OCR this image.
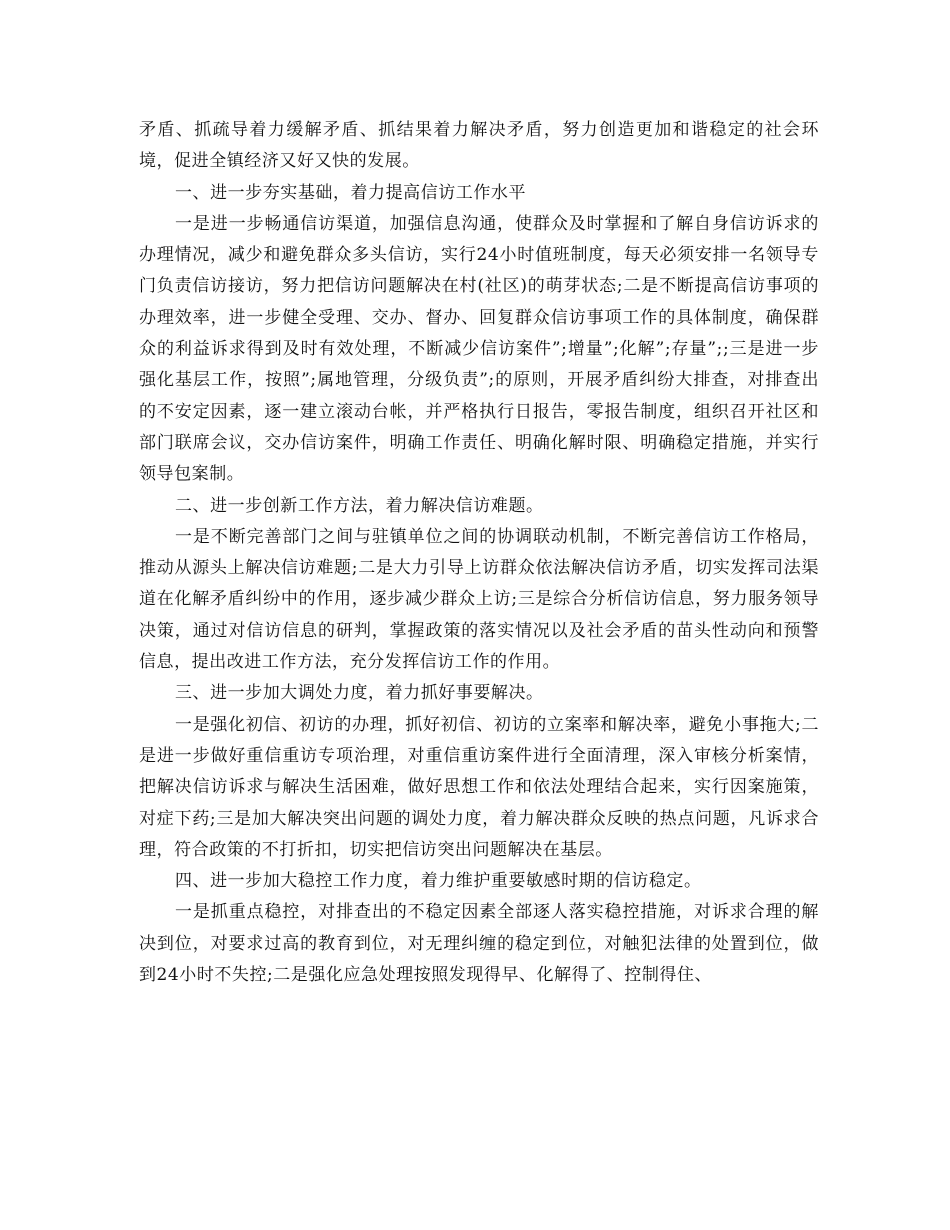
矛盾、抓疏导着力缓解矛盾、抓结果着力解决矛盾，努力创造更加和谐稳定的社会环境，促进全镇经济又好又快的发展。

一、进一步夯实基础，着力提高信访工作水平

一是进一步畅通信访渠道，加强信息沟通，使群众及时掌握和了解自身信访诉求的办理情况，减少和避免群众多头信访，实行24小时值班制度，每天必须安排一名领导专门负责信访接访，努力把信访问题解决在村(社区)的萌芽状态;二是不断提高信访事项的办理效率，进一步健全受理、交办、督办、回复群众信访事项工作的具体制度，确保群众的利益诉求得到及时有效处理，不断减少信访案件”;增量”;化解”;存量”;;三是进一步强化基层工作，按照”;属地管理，分级负责”;的原则，开展矛盾纠纷大排查，对排查出的不安定因素，逐一建立滚动台帐，并严格执行日报告，零报告制度，组织召开社区和部门联席会议，交办信访案件，明确工作责任、明确化解时限、明确稳定措施，并实行领导包案制。

二、进一步创新工作方法，着力解决信访难题。

一是不断完善部门之间与驻镇单位之间的协调联动机制，不断完善信访工作格局，推动从源头上解决信访难题;二是大力引导上访群众依法解决信访矛盾，切实发挥司法渠道在化解矛盾纠纷中的作用，逐步减少群众上访;三是综合分析信访信息，努力服务领导决策，通过对信访信息的研判，掌握政策的落实情况以及社会矛盾的苗头性动向和预警信息，提出改进工作方法，充分发挥信访工作的作用。

三、进一步加大调处力度，着力抓好事要解决。

一是强化初信、初访的办理，抓好初信、初访的立案率和解决率，避免小事拖大;二是进一步做好重信重访专项治理，对重信重访案件进行全面清理，深入审核分析案情，把解决信访诉求与解决生活困难，做好思想工作和依法处理结合起来，实行因案施策，对症下药;三是加大解决突出问题的调处力度，着力解决群众反映的热点问题，凡诉求合理，符合政策的不打折扣，切实把信访突出问题解决在基层。

四、进一步加大稳控工作力度，着力维护重要敏感时期的信访稳定。

一是抓重点稳控，对排查出的不稳定因素全部逐人落实稳控措施，对诉求合理的解决到位，对要求过高的教育到位，对无理纠缠的稳定到位，对触犯法律的处置到位，做到24小时不失控;二是强化应急处理按照发现得早、化解得了、控制得住、
